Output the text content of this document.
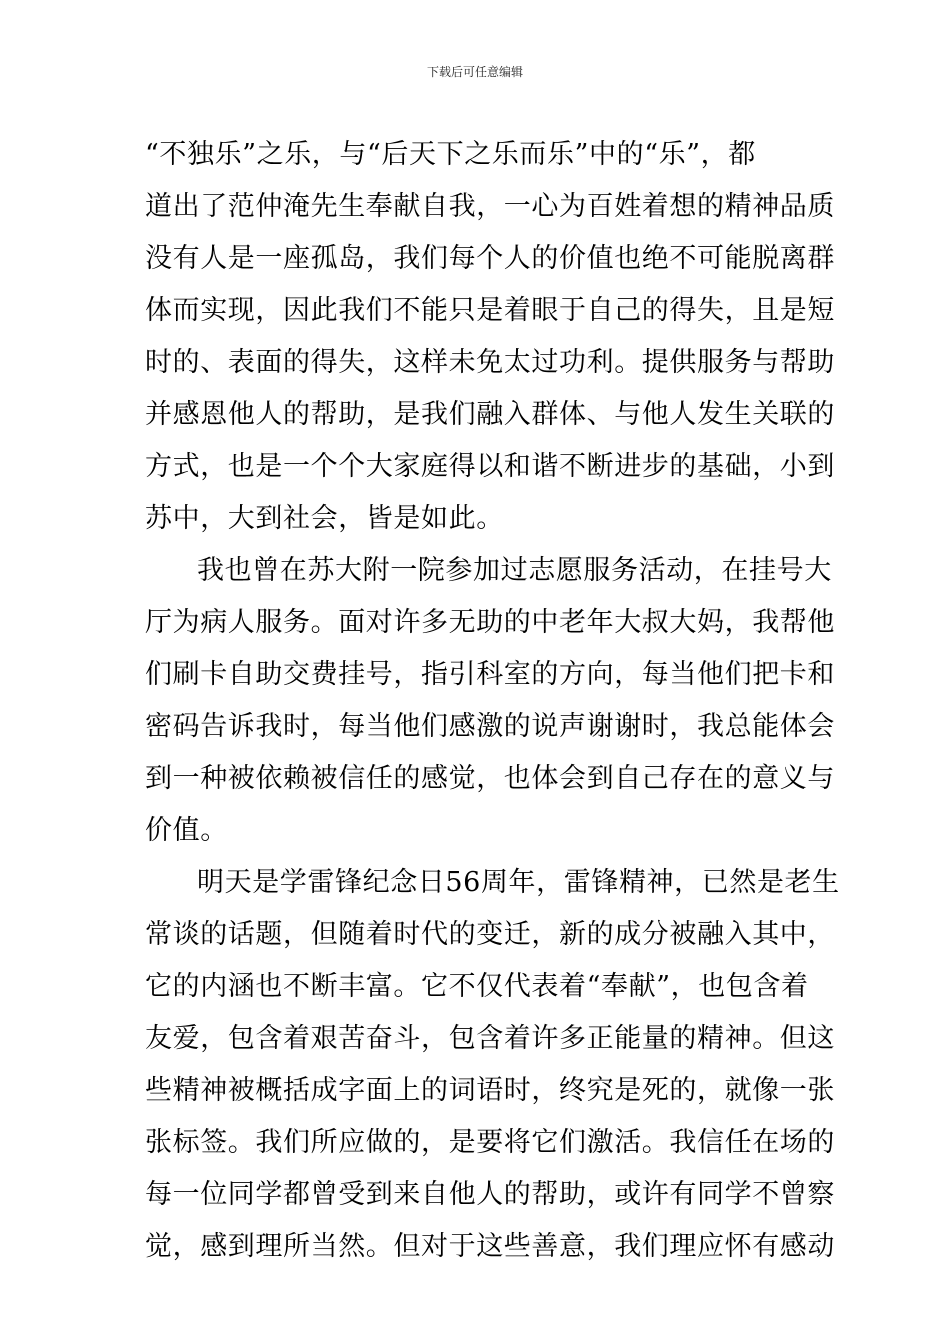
下载后可任意编辑
“不独乐”之乐，与“后天下之乐而乐”中的“乐”，都
道出了范仲淹先生奉献自我，一心为百姓着想的精神品质
没有人是一座孤岛，我们每个人的价值也绝不可能脱离群
体而实现，因此我们不能只是着眼于自己的得失，且是短
时的、表面的得失，这样未免太过功利。提供服务与帮助
并感恩他人的帮助，是我们融入群体、与他人发生关联的
方式，也是一个个大家庭得以和谐不断进步的基础，小到
苏中，大到社会，皆是如此。
我也曾在苏大附一院参加过志愿服务活动，在挂号大
厅为病人服务。面对许多无助的中老年大叔大妈，我帮他
们刷卡自助交费挂号，指引科室的方向，每当他们把卡和
密码告诉我时，每当他们感激的说声谢谢时，我总能体会
到一种被依赖被信任的感觉，也体会到自己存在的意义与
价值。
明天是学雷锋纪念日56周年，雷锋精神，已然是老生
常谈的话题，但随着时代的变迁，新的成分被融入其中，
它的内涵也不断丰富。它不仅代表着“奉献”，也包含着
友爱，包含着艰苦奋斗，包含着许多正能量的精神。但这
些精神被概括成字面上的词语时，终究是死的，就像一张
张标签。我们所应做的，是要将它们激活。我信任在场的
每一位同学都曾受到来自他人的帮助，或许有同学不曾察
觉，感到理所当然。但对于这些善意，我们理应怀有感动
